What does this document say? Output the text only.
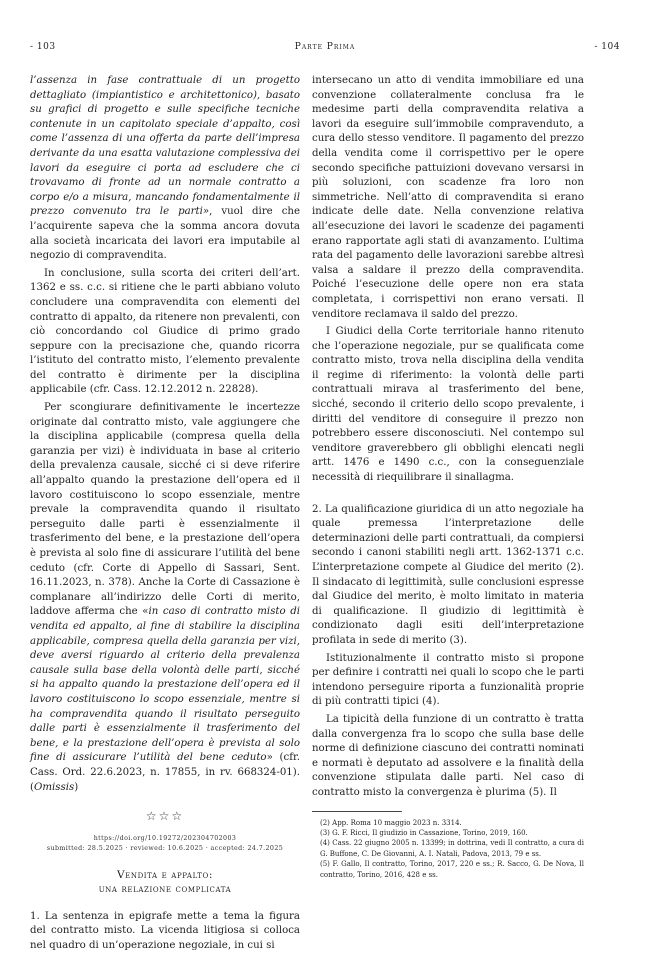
- 103	Parte Prima	- 104

l’assenza in fase contrattuale di un progetto dettagliato (impiantistico e architettonico), basato su grafici di progetto e sulle specifiche tecniche contenute in un capitolato speciale d’appalto, così come l’assenza di una offerta da parte dell’impresa derivante da una esatta valutazione complessiva dei lavori da eseguire ci porta ad escludere che ci trovavamo di fronte ad un normale contratto a corpo e/o a misura, mancando fondamentalmente il prezzo convenuto tra le parti», vuol dire che l’acquirente sapeva che la somma ancora dovuta alla società incaricata dei lavori era imputabile al negozio di compravendita.

In conclusione, sulla scorta dei criteri dell’art. 1362 e ss. c.c. si ritiene che le parti abbiano voluto concludere una compravendita con elementi del contratto di appalto, da ritenere non prevalenti, con ciò concordando col Giudice di primo grado seppure con la precisazione che, quando ricorra l’istituto del contratto misto, l’elemento prevalente del contratto è dirimente per la disciplina applicabile (cfr. Cass. 12.12.2012 n. 22828).

Per scongiurare definitivamente le incertezze originate dal contratto misto, vale aggiungere che la disciplina applicabile (compresa quella della garanzia per vizi) è individuata in base al criterio della prevalenza causale, sicché ci si deve riferire all’appalto quando la prestazione dell’opera ed il lavoro costituiscono lo scopo essenziale, mentre prevale la compravendita quando il risultato perseguito dalle parti è essenzialmente il trasferimento del bene, e la prestazione dell’opera è prevista al solo fine di assicurare l’utilità del bene ceduto (cfr. Corte di Appello di Sassari, Sent. 16.11.2023, n. 378). Anche la Corte di Cassazione è complanare all’indirizzo delle Corti di merito, laddove afferma che «in caso di contratto misto di vendita ed appalto, al fine di stabilire la disciplina applicabile, compresa quella della garanzia per vizi, deve aversi riguardo al criterio della prevalenza causale sulla base della volontà delle parti, sicché si ha appalto quando la prestazione dell’opera ed il lavoro costituiscono lo scopo essenziale, mentre si ha compravendita quando il risultato perseguito dalle parti è essenzialmente il trasferimento del bene, e la prestazione dell’opera è prevista al solo fine di assicurare l’utilità del bene ceduto» (cfr. Cass. Ord. 22.6.2023, n. 17855, in rv. 668324-01). (Omissis)

☆☆☆
https://doi.org/10.19272/202304702003
submitted: 28.5.2025 · reviewed: 10.6.2025 · accepted: 24.7.2025
Vendita e appalto:
una relazione complicata

1. La sentenza in epigrafe mette a tema la figura del contratto misto. La vicenda litigiosa si colloca nel quadro di un’operazione negoziale, in cui si

intersecano un atto di vendita immobiliare ed una convenzione collateralmente conclusa fra le medesime parti della compravendita relativa a lavori da eseguire sull’immobile compravenduto, a cura dello stesso venditore. Il pagamento del prezzo della vendita come il corrispettivo per le opere secondo specifiche pattuizioni dovevano versarsi in più soluzioni, con scadenze fra loro non simmetriche. Nell’atto di compravendita si erano indicate delle date. Nella convenzione relativa all’esecuzione dei lavori le scadenze dei pagamenti erano rapportate agli stati di avanzamento. L’ultima rata del pagamento delle lavorazioni sarebbe altresì valsa a saldare il prezzo della compravendita. Poiché l’esecuzione delle opere non era stata completata, i corrispettivi non erano versati. Il venditore reclamava il saldo del prezzo.

I Giudici della Corte territoriale hanno ritenuto che l’operazione negoziale, pur se qualificata come contratto misto, trova nella disciplina della vendita il regime di riferimento: la volontà delle parti contrattuali mirava al trasferimento del bene, sicché, secondo il criterio dello scopo prevalente, i diritti del venditore di conseguire il prezzo non potrebbero essere disconosciuti. Nel contempo sul venditore graverebbero gli obblighi elencati negli artt. 1476 e 1490 c.c., con la conseguenziale necessità di riequilibrare il sinallagma.

2. La qualificazione giuridica di un atto negoziale ha quale premessa l’interpretazione delle determinazioni delle parti contrattuali, da compiersi secondo i canoni stabiliti negli artt. 1362-1371 c.c. L’interpretazione compete al Giudice del merito (2). Il sindacato di legittimità, sulle conclusioni espresse dal Giudice del merito, è molto limitato in materia di qualificazione. Il giudizio di legittimità è condizionato dagli esiti dell’interpretazione profilata in sede di merito (3).

Istituzionalmente il contratto misto si propone per definire i contratti nei quali lo scopo che le parti intendono perseguire riporta a funzionalità proprie di più contratti tipici (4).

La tipicità della funzione di un contratto è tratta dalla convergenza fra lo scopo che sulla base delle norme di definizione ciascuno dei contratti nominati e normati è deputato ad assolvere e la finalità della convenzione stipulata dalle parti. Nel caso di contratto misto la convergenza è plurima (5). Il

(2) App. Roma 10 maggio 2023 n. 3314.

(3) G. F. Ricci, Il giudizio in Cassazione, Torino, 2019, 160.

(4) Cass. 22 giugno 2005 n. 13399; in dottrina, vedi Il contratto, a cura di G. Buffone, C. De Giovanni, A. I. Natali, Padova, 2013, 79 e ss.

(5) F. Gallo, Il contratto, Torino, 2017, 220 e ss.; R. Sacco, G. De Nova, Il contratto, Torino, 2016, 428 e ss.
